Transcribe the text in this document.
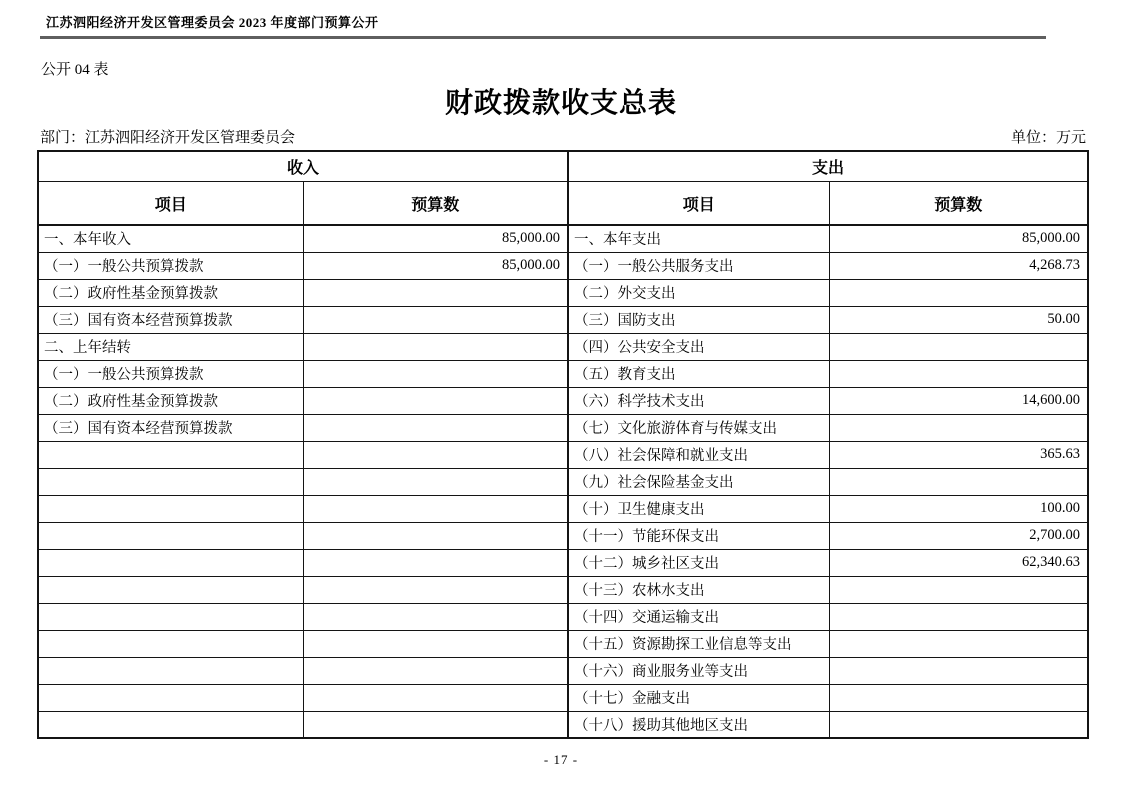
江苏泗阳经济开发区管理委员会 2023 年度部门预算公开
公开 04 表
财政拨款收支总表
部门：江苏泗阳经济开发区管理委员会	单位：万元
收入		支出	
项目	预算数	项目	预算数
一、本年收入	85,000.00	一、本年支出	85,000.00
（一）一般公共预算拨款	85,000.00	（一）一般公共服务支出	4,268.73
（二）政府性基金预算拨款		（二）外交支出	
（三）国有资本经营预算拨款		（三）国防支出	50.00
二、上年结转		（四）公共安全支出	
（一）一般公共预算拨款		（五）教育支出	
（二）政府性基金预算拨款		（六）科学技术支出	14,600.00
（三）国有资本经营预算拨款		（七）文化旅游体育与传媒支出	
		（八）社会保障和就业支出	365.63
		（九）社会保险基金支出	
		（十）卫生健康支出	100.00
		（十一）节能环保支出	2,700.00
		（十二）城乡社区支出	62,340.63
		（十三）农林水支出	
		（十四）交通运输支出	
		（十五）资源勘探工业信息等支出	
		（十六）商业服务业等支出	
		（十七）金融支出	
		（十八）援助其他地区支出	
- 17 -
